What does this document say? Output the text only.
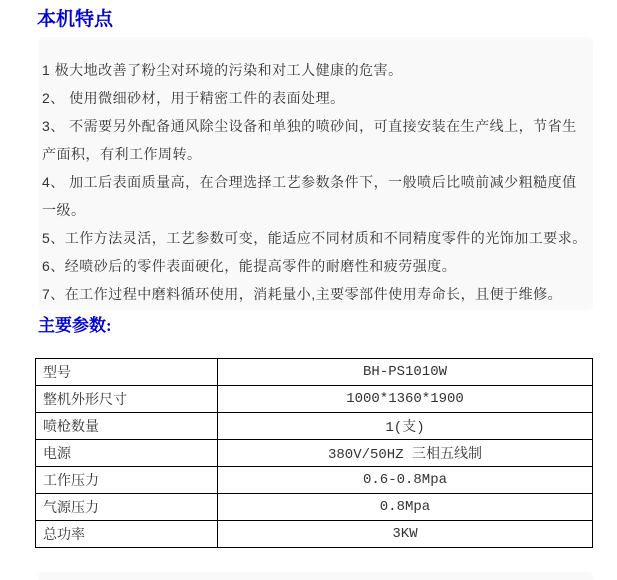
本机特点

1 极大地改善了粉尘对环境的污染和对工人健康的危害。

2、 使用微细砂材，用于精密工件的表面处理。

3、 不需要另外配备通风除尘设备和单独的喷砂间，可直接安装在生产线上，节省生产面积，有利工作周转。

4、 加工后表面质量高，在合理选择工艺参数条件下，一般喷后比喷前减少粗糙度值一级。

5、工作方法灵活，工艺参数可变，能适应不同材质和不同精度零件的光饰加工要求。

6、经喷砂后的零件表面硬化，能提高零件的耐磨性和疲劳强度。

7、在工作过程中磨料循环使用，消耗量小,主要零部件使用寿命长，且便于维修。

主要参数:
型号	BH-PS1010W
整机外形尺寸	1000*1360*1900
喷枪数量	1(支)
电源	380V/50HZ 三相五线制
工作压力	0.6-0.8Mpa
气源压力	0.8Mpa
总功率	3KW
